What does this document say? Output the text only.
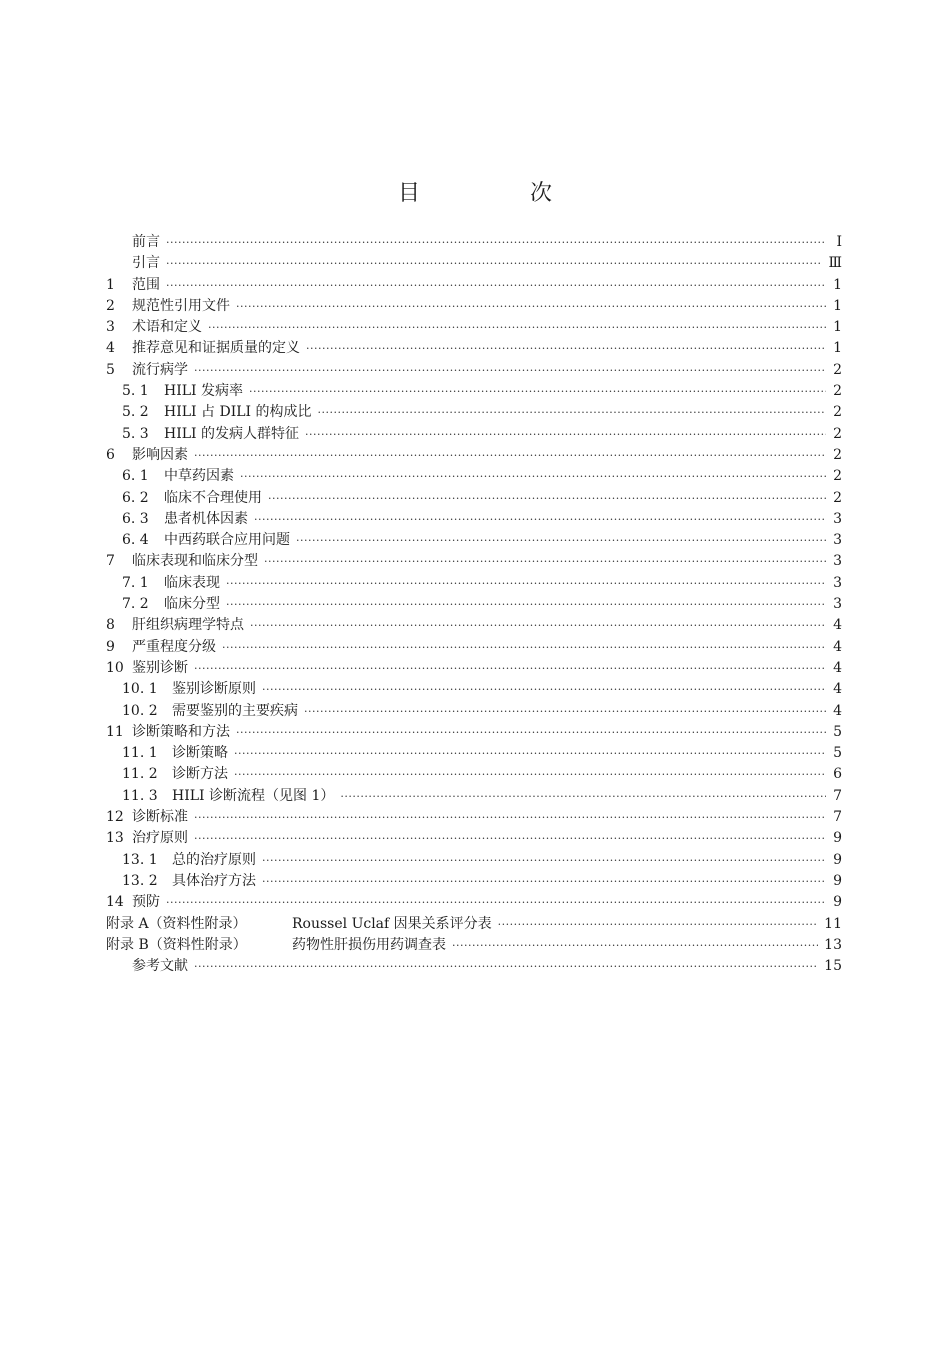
目　次
前言 ·····	Ⅰ
引言 ·····	Ⅲ
1	范围 ·····	1
2	规范性引用文件 ·····	1
3	术语和定义 ·····	1
4	推荐意见和证据质量的定义 ·····	1
5	流行病学 ·····	2
5. 1	HILI 发病率 ·····	2
5. 2	HILI 占 DILI 的构成比 ·····	2
5. 3	HILI 的发病人群特征 ·····	2
6	影响因素 ·····	2
6. 1	中草药因素 ·····	2
6. 2	临床不合理使用 ·····	2
6. 3	患者机体因素 ·····	3
6. 4	中西药联合应用问题 ·····	3
7	临床表现和临床分型 ·····	3
7. 1	临床表现 ·····	3
7. 2	临床分型 ·····	3
8	肝组织病理学特点 ·····	4
9	严重程度分级 ·····	4
10 鉴别诊断 ·····	4
10. 1	鉴别诊断原则 ·····	4
10. 2	需要鉴别的主要疾病 ·····	4
11 诊断策略和方法 ·····	5
11. 1	诊断策略 ·····	5
11. 2	诊断方法 ·····	6
11. 3	HILI 诊断流程（见图 1） ·····	7
12 诊断标准 ·····	7
13 治疗原则 ·····	9
13. 1	总的治疗原则 ·····	9
13. 2	具体治疗方法 ·····	9
14 预防 ·····	9
附录 A（资料性附录）	Roussel Uclaf 因果关系评分表 ·····	11
附录 B（资料性附录）	药物性肝损伤用药调查表 ·····	13
参考文献 ·····	15
